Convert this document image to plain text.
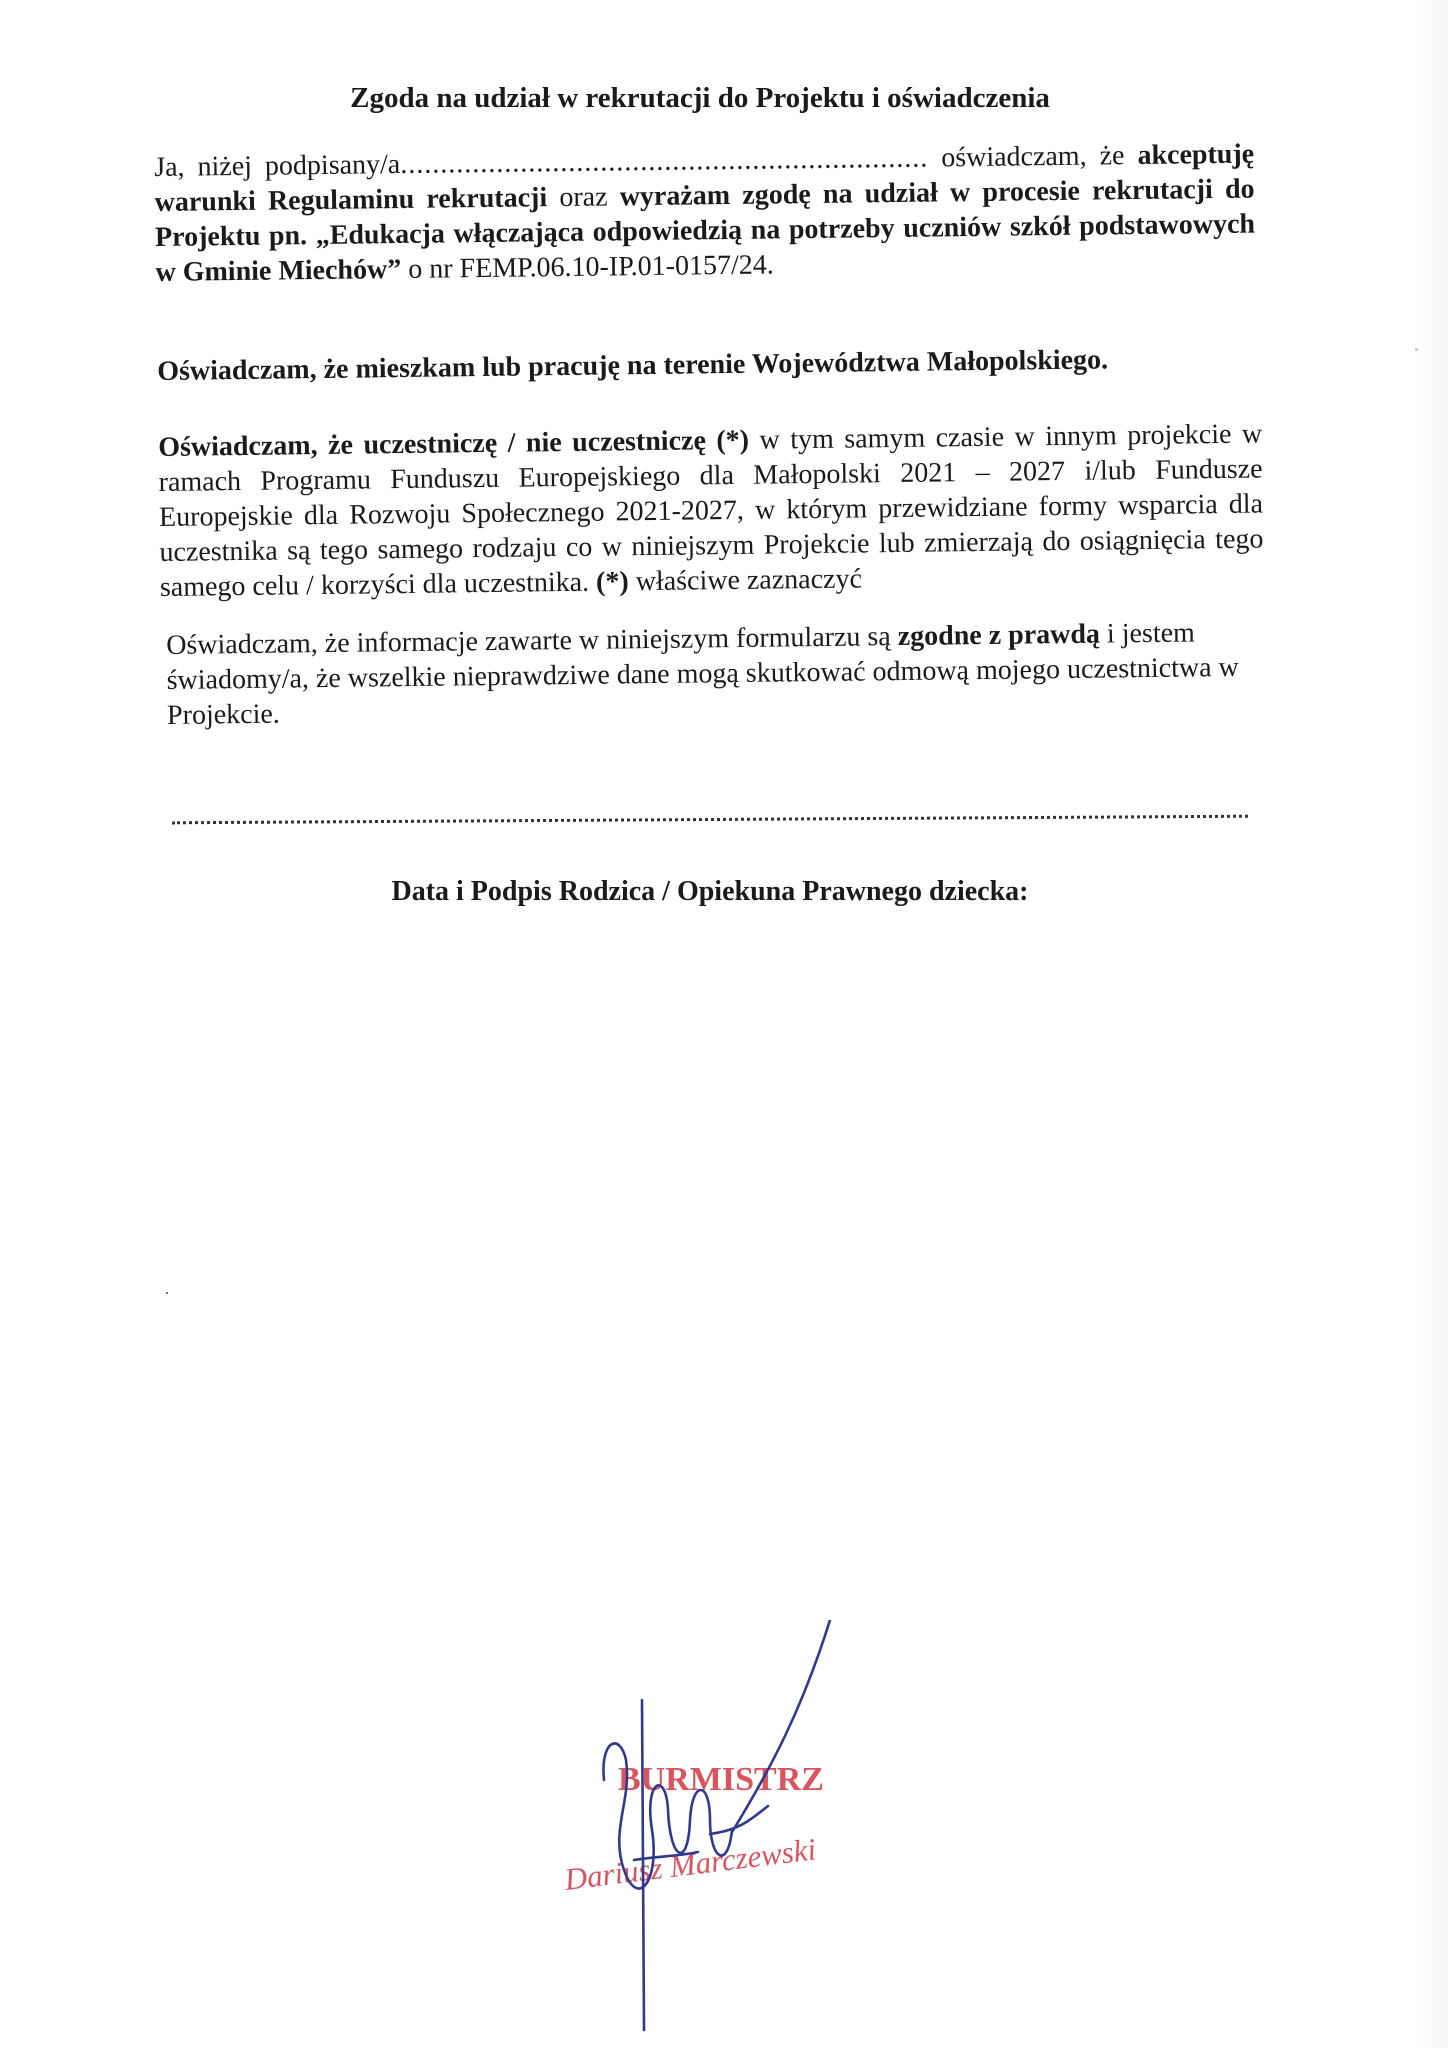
Zgoda na udział w rekrutacji do Projektu i oświadczenia

Ja, niżej podpisany/a.................................................................. oświadczam, że akceptuję warunki Regulaminu rekrutacji oraz wyrażam zgodę na udział w procesie rekrutacji do Projektu pn. „Edukacja włączająca odpowiedzią na potrzeby uczniów szkół podstawowych w Gminie Miechów” o nr FEMP.06.10-IP.01-0157/24.

Oświadczam, że mieszkam lub pracuję na terenie Województwa Małopolskiego.

Oświadczam, że uczestniczę / nie uczestniczę (*) w tym samym czasie w innym projekcie w ramach Programu Funduszu Europejskiego dla Małopolski 2021 – 2027 i/lub Fundusze Europejskie dla Rozwoju Społecznego 2021-2027, w którym przewidziane formy wsparcia dla uczestnika są tego samego rodzaju co w niniejszym Projekcie lub zmierzają do osiągnięcia tego samego celu / korzyści dla uczestnika. (*) właściwe zaznaczyć

Oświadczam, że informacje zawarte w niniejszym formularzu są zgodne z prawdą i jestem świadomy/a, że wszelkie nieprawdziwe dane mogą skutkować odmową mojego uczestnictwa w Projekcie.

Data i Podpis Rodzica / Opiekuna Prawnego dziecka:
BURMISTRZ
Dariusz Marczewski
